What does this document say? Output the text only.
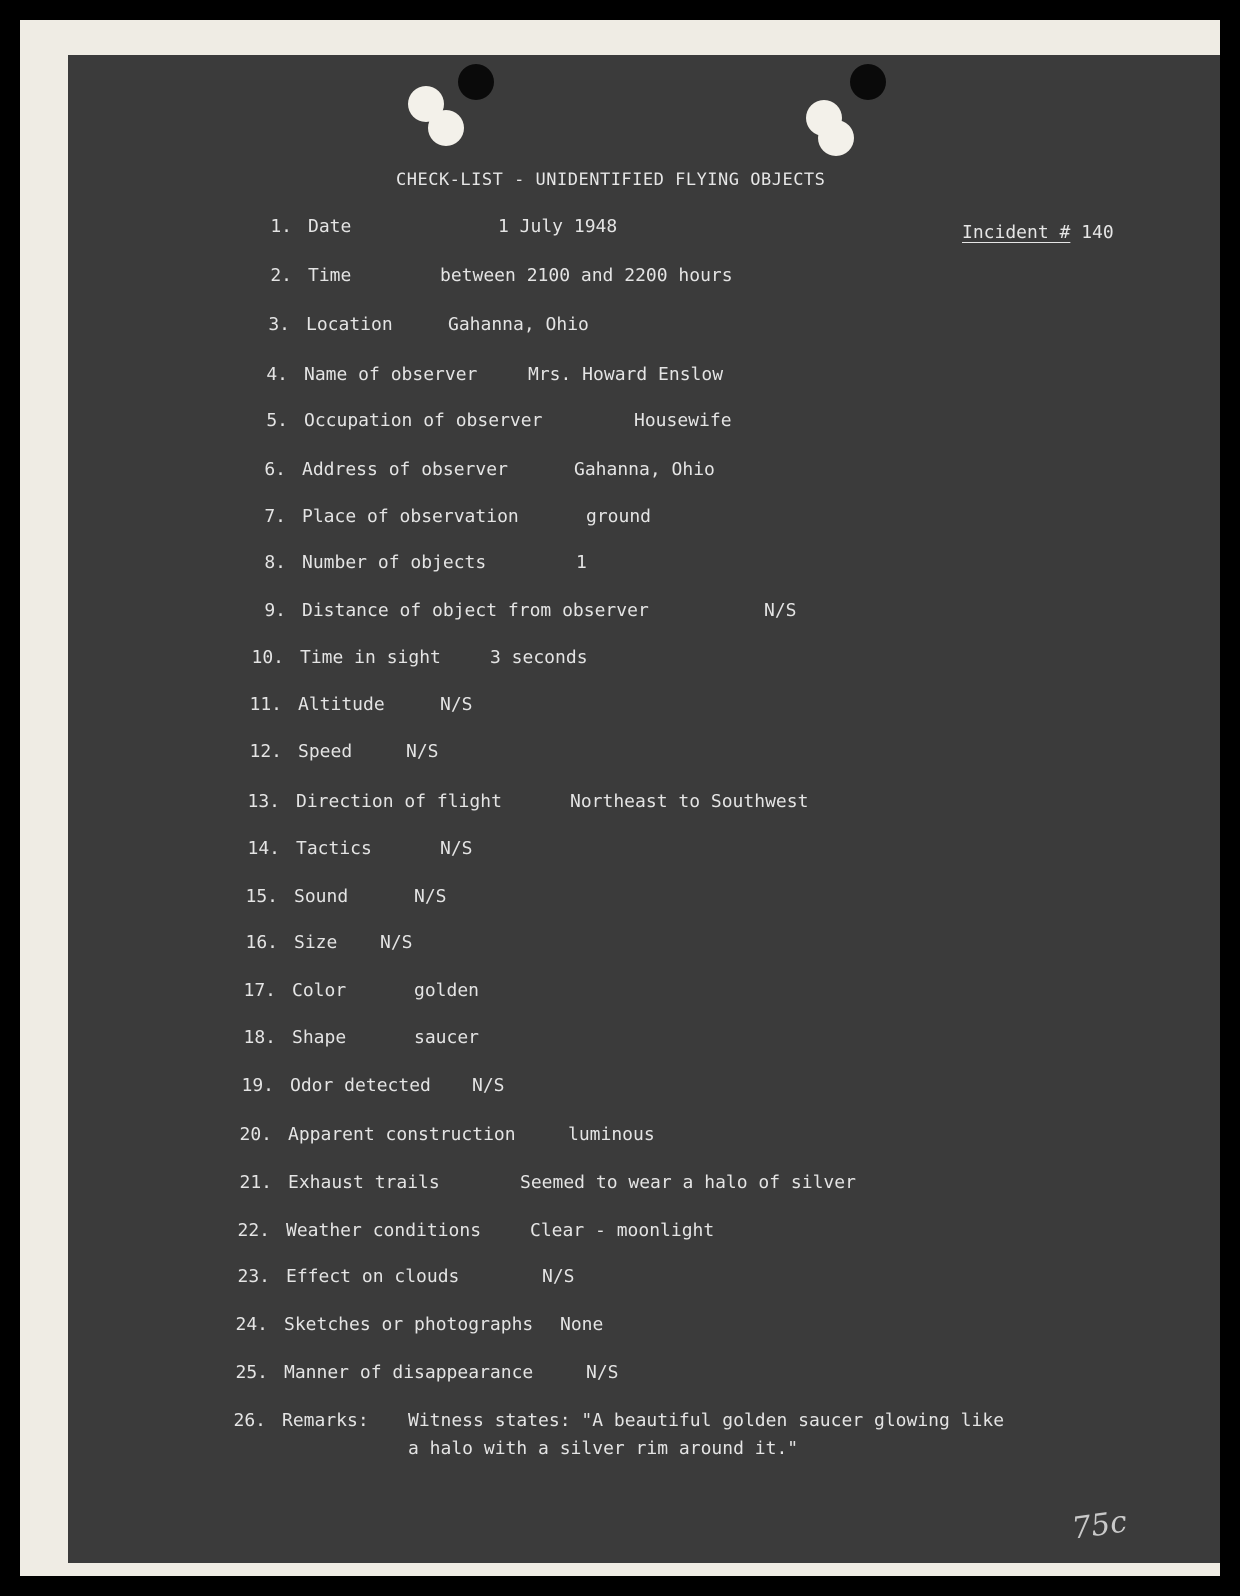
CHECK-LIST - UNIDENTIFIED FLYING OBJECTS
Incident # 140
1. Date	1 July 1948
2. Time	between 2100 and 2200 hours
3. Location	Gahanna, Ohio
4. Name of observer	Mrs. Howard Enslow
5. Occupation of observer	Housewife
6. Address of observer	Gahanna, Ohio
7. Place of observation	ground
8. Number of objects	1
9. Distance of object from observer	N/S
10. Time in sight	3 seconds
11. Altitude	N/S
12. Speed	N/S
13. Direction of flight	Northeast to Southwest
14. Tactics	N/S
15. Sound	N/S
16. Size N/S
17. Color	golden
18. Shape	saucer
19. Odor detected N/S
20. Apparent construction	luminous
21. Exhaust trails	Seemed to wear a halo of silver
22. Weather conditions	Clear - moonlight
23. Effect on clouds	N/S
24. Sketches or photographs None
25. Manner of disappearance	N/S
26. Remarks: Witness states: "A beautiful golden saucer glowing like
a halo with a silver rim around it."
75c
